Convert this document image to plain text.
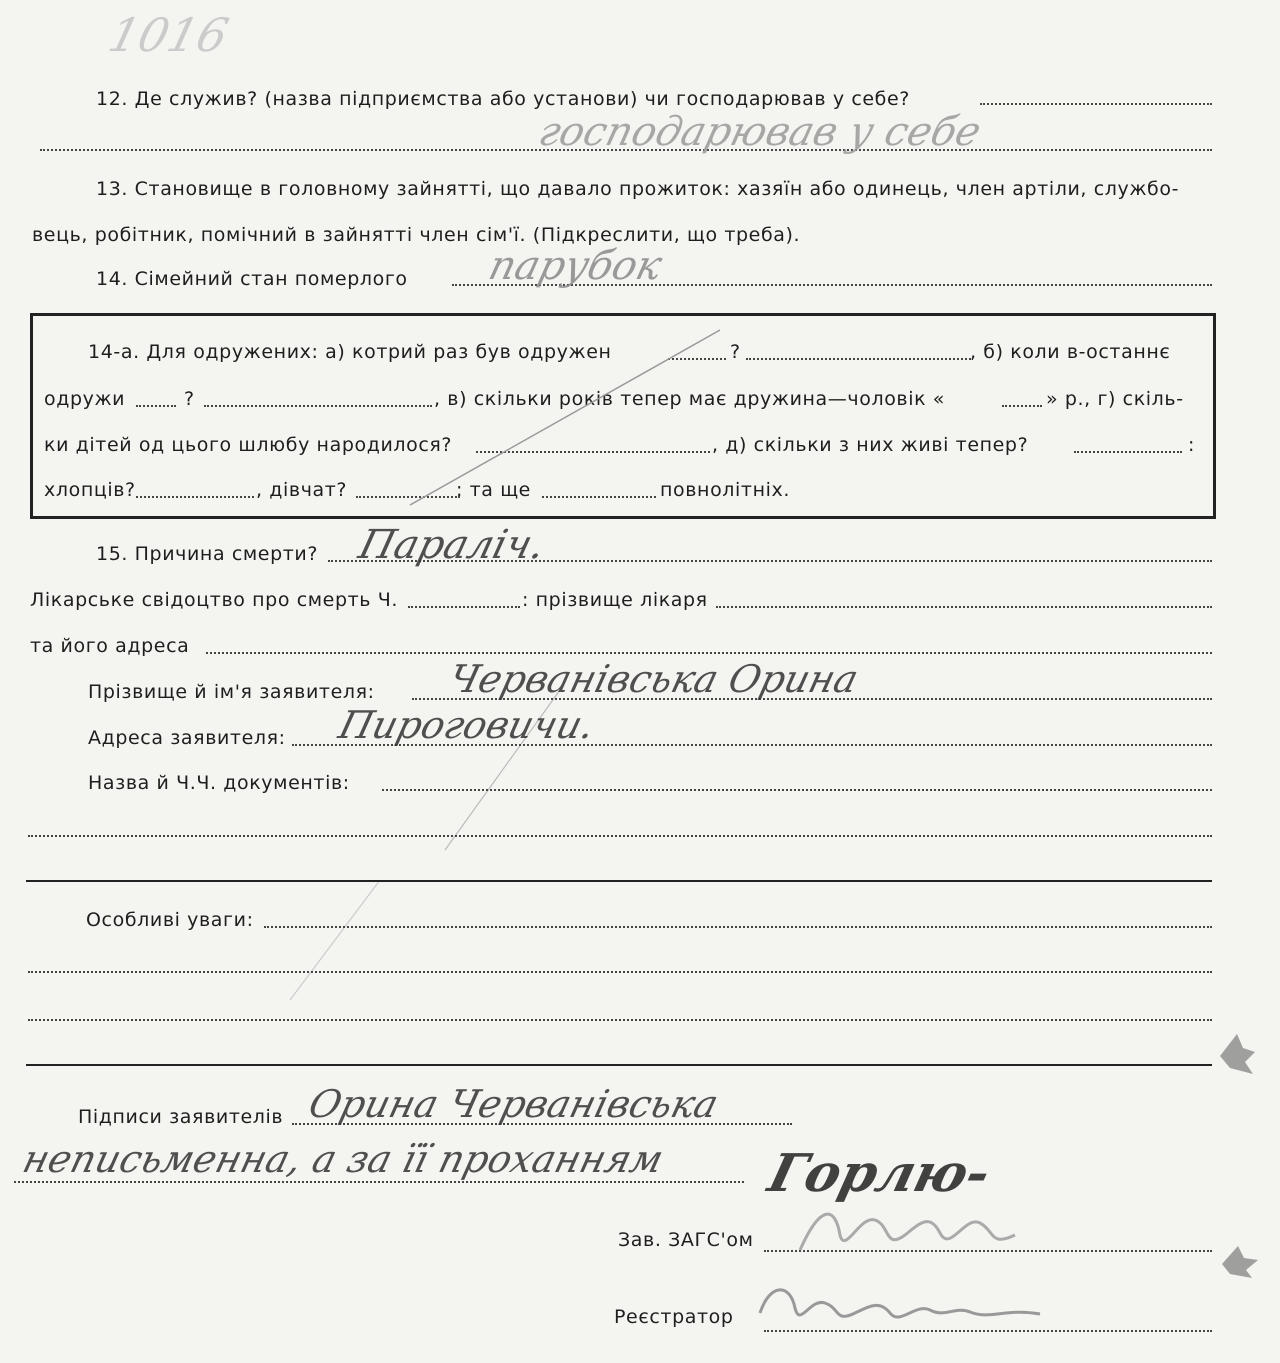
1016
12. Де служив? (назва підприємства або установи) чи господарював у себе?
господарював у себе
13. Становище в головному зайнятті, що давало прожиток: хазяїн або одинець, член артіли, службо-
вець, робітник, помічний в зайнятті член сім'ї. (Підкреслити, що треба).
14. Сімейний стан померлого парубок
14-а. Для одружених: а) котрий раз був одружен	?	, б) коли в-останнє
одружи	?	, в) скільки років тепер має дружина—чоловік «	» р., г) скіль-
ки дітей од цього шлюбу народилося?	, д) скільки з них живі тепер?	:
хлопців?	, дівчат?	: та ще	повнолітніх.
15. Причина смерти? Параліч.
Лікарське свідоцтво про смерть Ч.	: прізвище лікаря
та його адреса
Прізвище й ім'я заявителя: Черванівська Орина
Адреса заявителя: Пироговичи.
Назва й Ч.Ч. документів:
Особливі уваги:
Підписи заявителів Орина Черванівська
неписьменна, а за її проханням Горлю-
Зав. ЗАГС'ом
Реєстратор
